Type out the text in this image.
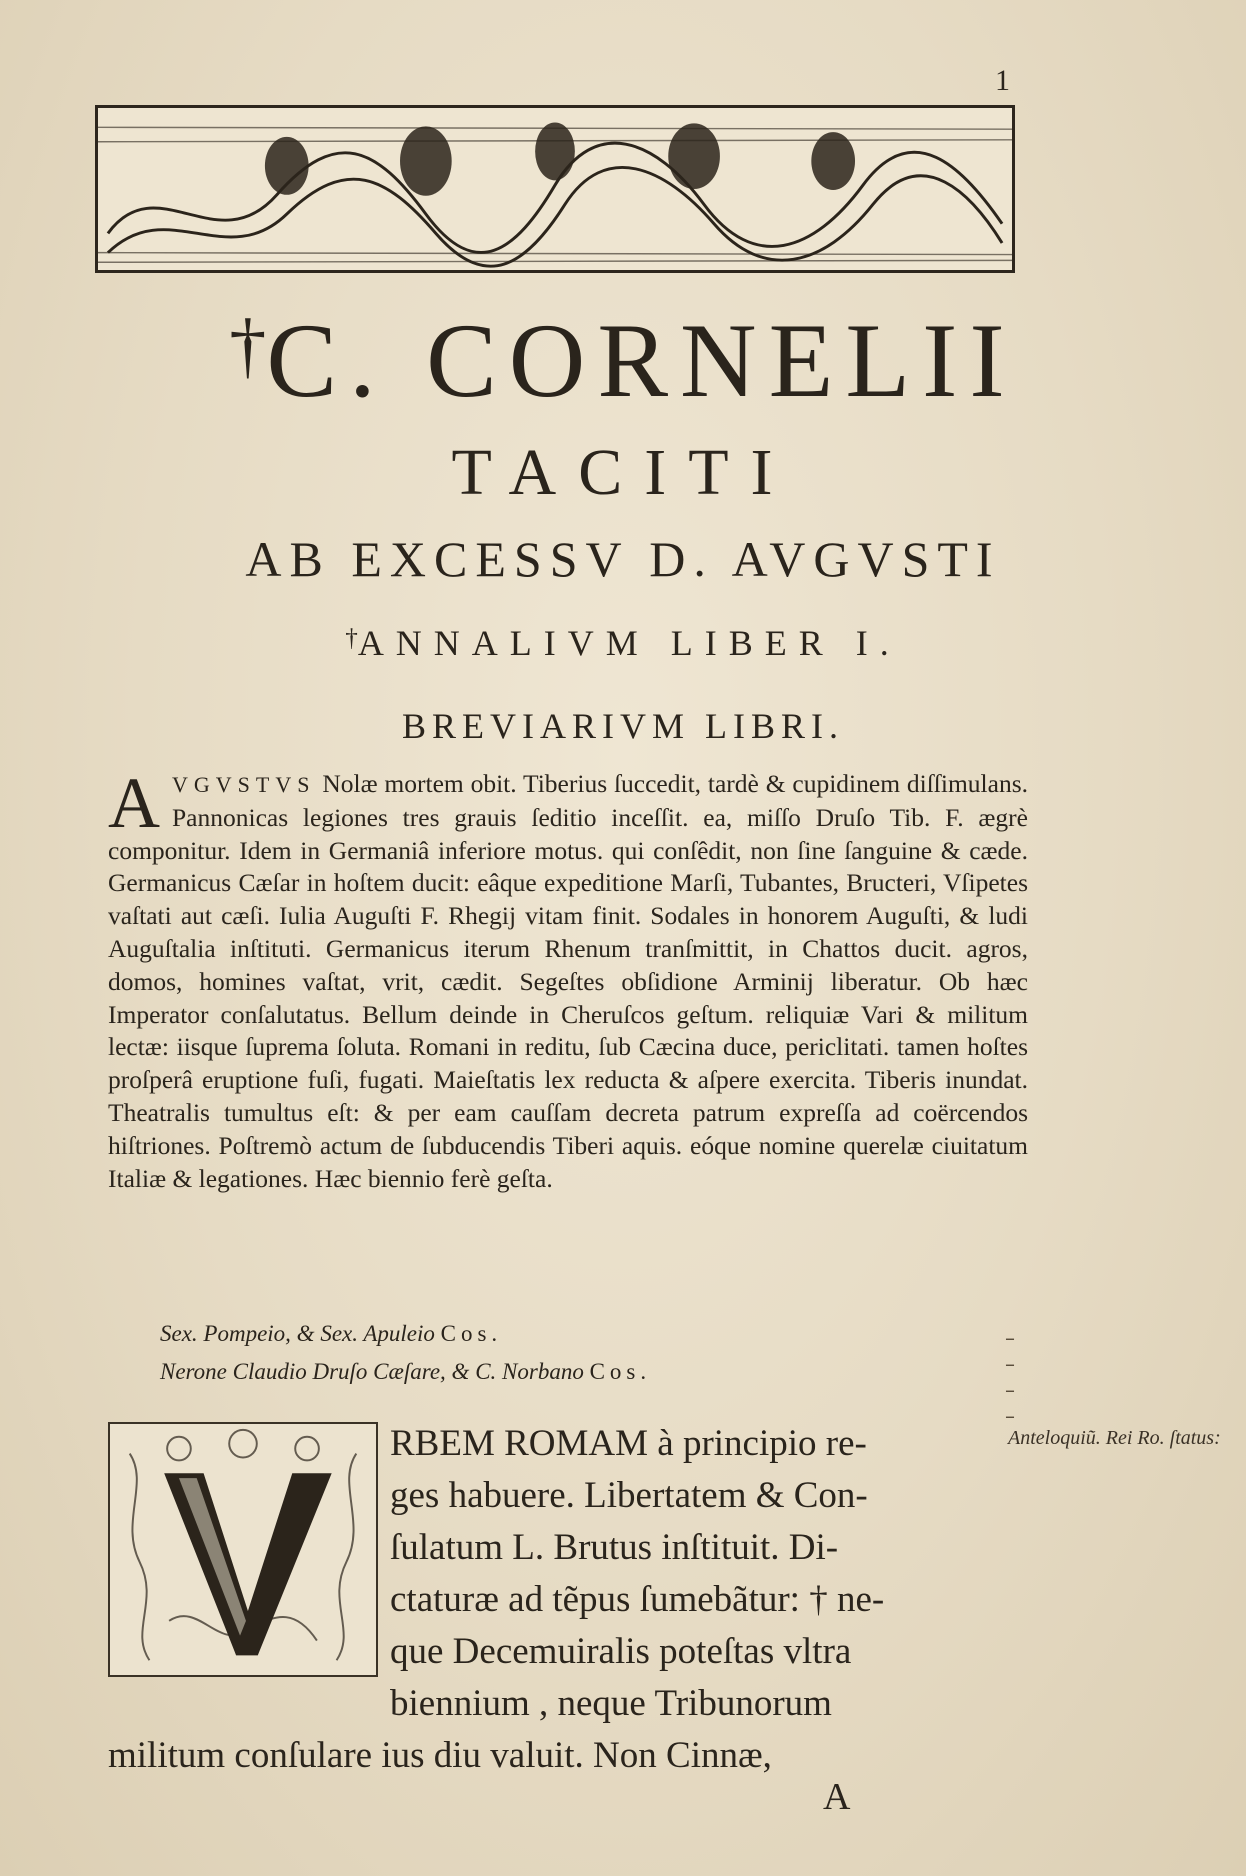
1
†C. CORNELII
TACITI
AB EXCESSV D. AVGVSTI
†ANNALIVM LIBER I.
BREVIARIVM LIBRI.
AVGVSTVS Nolæ mortem obit. Tiberius ſuccedit, tardè & cupidinem diſſimulans. Pannonicas legiones tres grauis ſeditio inceſſit. ea, miſſo Druſo Tib. F. ægrè componitur. Idem in Germaniâ inferiore motus. qui conſêdit, non ſine ſanguine & cæde. Germanicus Cæſar in hoſtem ducit: eâque expeditione Marſi, Tubantes, Bructeri, Vſipetes vaſtati aut cæſi. Iulia Auguſti F. Rhegij vitam finit. Sodales in honorem Auguſti, & ludi Auguſtalia inſtituti. Germanicus iterum Rhenum tranſmittit, in Chattos ducit. agros, domos, homines vaſtat, vrit, cædit. Segeſtes obſidione Arminij liberatur. Ob hæc Imperator conſalutatus. Bellum deinde in Cheruſcos geſtum. reliquiæ Vari & militum lectæ: iisque ſuprema ſoluta. Romani in reditu, ſub Cæcina duce, periclitati. tamen hoſtes proſperâ eruptione fuſi, fugati. Maieſtatis lex reducta & aſpere exercita. Tiberis inundat. Theatralis tumultus eſt: & per eam cauſſam decreta patrum expreſſa ad coërcendos hiſtriones. Poſtremò actum de ſubducendis Tiberi aquis. eóque nomine querelæ ciuitatum Italiæ & legationes. Hæc biennio ferè geſta.
Sex. Pompeio, & Sex. Apuleio Cos.
Nerone Claudio Druſo Cæſare, & C. Norbano Cos.
–
–
–
–
RBEM ROMAM à principio re-
ges habuere. Libertatem & Con-
ſulatum L. Brutus inſtituit. Di-
ctaturæ ad tẽpus ſumebãtur: † ne-
que Decemuiralis poteſtas vltra
biennium , neque Tribunorum
militum conſulare ius diu valuit. Non Cinnæ,
A
Anteloquiũ. Rei Ro. ſtatus:
